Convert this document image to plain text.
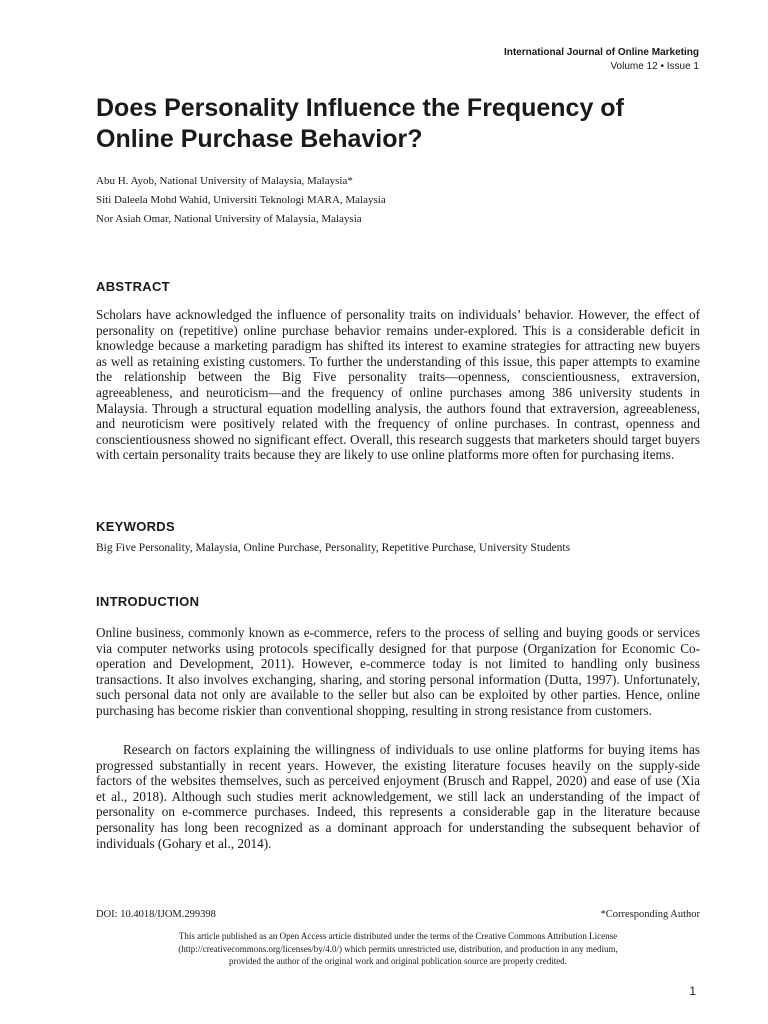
International Journal of Online Marketing
Volume 12 • Issue 1
Does Personality Influence the Frequency of Online Purchase Behavior?
Abu H. Ayob, National University of Malaysia, Malaysia*
Siti Daleela Mohd Wahid, Universiti Teknologi MARA, Malaysia
Nor Asiah Omar, National University of Malaysia, Malaysia
ABSTRACT

Scholars have acknowledged the influence of personality traits on individuals’ behavior. However, the effect of personality on (repetitive) online purchase behavior remains under-explored. This is a considerable deficit in knowledge because a marketing paradigm has shifted its interest to examine strategies for attracting new buyers as well as retaining existing customers. To further the understanding of this issue, this paper attempts to examine the relationship between the Big Five personality traits—openness, conscientiousness, extraversion, agreeableness, and neuroticism—and the frequency of online purchases among 386 university students in Malaysia. Through a structural equation modelling analysis, the authors found that extraversion, agreeableness, and neuroticism were positively related with the frequency of online purchases. In contrast, openness and conscientiousness showed no significant effect. Overall, this research suggests that marketers should target buyers with certain personality traits because they are likely to use online platforms more often for purchasing items.

KEYWORDS
Big Five Personality, Malaysia, Online Purchase, Personality, Repetitive Purchase, University Students
INTRODUCTION

Online business, commonly known as e-commerce, refers to the process of selling and buying goods or services via computer networks using protocols specifically designed for that purpose (Organization for Economic Co-operation and Development, 2011). However, e-commerce today is not limited to handling only business transactions. It also involves exchanging, sharing, and storing personal information (Dutta, 1997). Unfortunately, such personal data not only are available to the seller but also can be exploited by other parties. Hence, online purchasing has become riskier than conventional shopping, resulting in strong resistance from customers.

Research on factors explaining the willingness of individuals to use online platforms for buying items has progressed substantially in recent years. However, the existing literature focuses heavily on the supply-side factors of the websites themselves, such as perceived enjoyment (Brusch and Rappel, 2020) and ease of use (Xia et al., 2018). Although such studies merit acknowledgement, we still lack an understanding of the impact of personality on e-commerce purchases. Indeed, this represents a considerable gap in the literature because personality has long been recognized as a dominant approach for understanding the subsequent behavior of individuals (Gohary et al., 2014).

DOI: 10.4018/IJOM.299398	*Corresponding Author
This article published as an Open Access article distributed under the terms of the Creative Commons Attribution License
(http://creativecommons.org/licenses/by/4.0/) which permits unrestricted use, distribution, and production in any medium,
provided the author of the original work and original publication source are properly credited.
1
